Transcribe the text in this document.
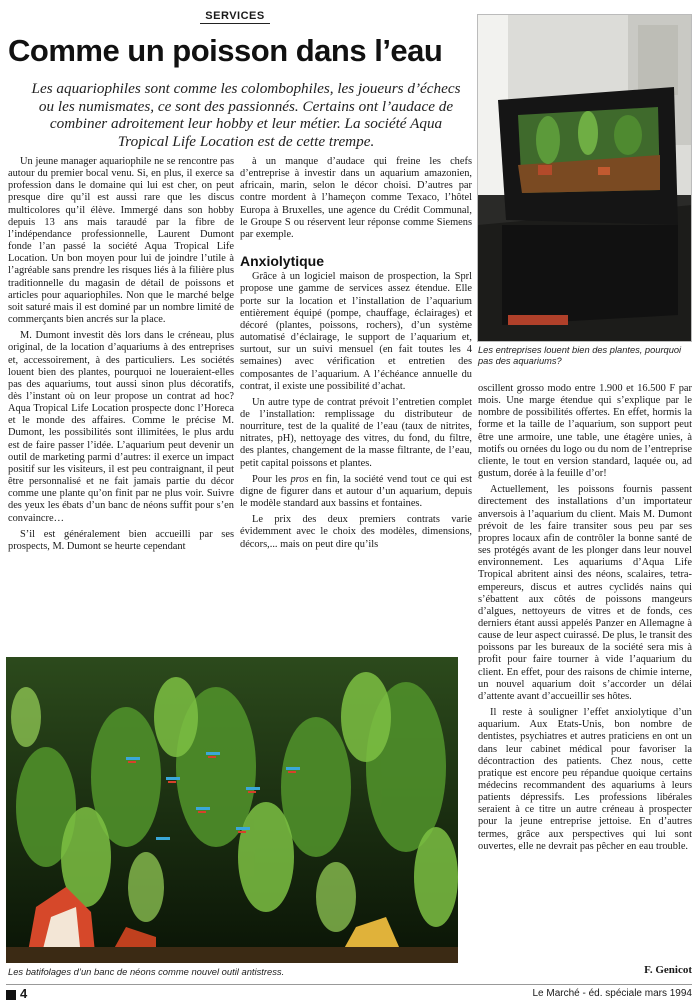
SERVICES
Comme un poisson dans l’eau

Les aquariophiles sont comme les colombophiles, les joueurs d’échecs ou les numismates, ce sont des passionnés. Certains ont l’audace de combiner adroitement leur hobby et leur métier. La société Aqua Tropical Life Location est de cette trempe.

Un jeune manager aquariophile ne se rencontre pas autour du premier bocal venu. Si, en plus, il exerce sa profession dans le domaine qui lui est cher, on peut presque dire qu’il est aussi rare que les discus multicolores qu’il élève. Immergé dans son hobby depuis 13 ans mais taraudé par la fibre de l’indépendance professionnelle, Laurent Dumont fonde l’an passé la société Aqua Tropical Life Location. Un bon moyen pour lui de joindre l’utile à l’agréable sans prendre les risques liés à la filière plus traditionnelle du magasin de détail de poissons et articles pour aquariophiles. Non que le marché belge soit saturé mais il est dominé par un nombre limité de commerçants bien ancrés sur la place.

M. Dumont investit dès lors dans le créneau, plus original, de la location d’aquariums à des entreprises et, accessoirement, à des particuliers. Les sociétés louent bien des plantes, pourquoi ne loueraient-elles pas des aquariums, tout aussi sinon plus décoratifs, dès l’instant où on leur propose un contrat ad hoc? Aqua Tropical Life Location prospecte donc l’Horeca et le monde des affaires. Comme le précise M. Dumont, les possibilités sont illimitées, le plus ardu est de faire passer l’idée. L’aquarium peut devenir un outil de marketing parmi d’autres: il exerce un impact positif sur les visiteurs, il est peu contraignant, il peut être personnalisé et ne fait jamais partie du décor comme une plante qu’on finit par ne plus voir. Suivre des yeux les ébats d’un banc de néons suffit pour s’en convaincre…

S’il est généralement bien accueilli par ses prospects, M. Dumont se heurte cependant

à un manque d’audace qui freine les chefs d’entreprise à investir dans un aquarium amazonien, africain, marin, selon le décor choisi. D’autres par contre mordent à l’hameçon comme Texaco, l’hôtel Europa à Bruxelles, une agence du Crédit Communal, le Groupe S ou réservent leur réponse comme Siemens par exemple.

Anxiolytique

Grâce à un logiciel maison de prospection, la Sprl propose une gamme de services assez étendue. Elle porte sur la location et l’installation de l’aquarium entièrement équipé (pompe, chauffage, éclairages) et décoré (plantes, poissons, rochers), d’un système automatisé d’éclairage, le support de l’aquarium et, surtout, sur un suivi mensuel (en fait toutes les 4 semaines) avec vérification et entretien des composantes de l’aquarium. A l’échéance annuelle du contrat, il existe une possibilité d’achat.

Un autre type de contrat prévoit l’entretien complet de l’installation: remplissage du distributeur de nourriture, test de la qualité de l’eau (taux de nitrites, nitrates, pH), nettoyage des vitres, du fond, du filtre, des plantes, changement de la masse filtrante, de l’eau, petit capital poissons et plantes.

Pour les pros en fin, la société vend tout ce qui est digne de figurer dans et autour d’un aquarium, depuis le modèle standard aux bassins et fontaines.

Le prix des deux premiers contrats varie évidemment avec le choix des modèles, dimensions, décors,... mais on peut dire qu’ils

Les entreprises louent bien des plantes, pourquoi pas des aquariums?

oscillent grosso modo entre 1.900 et 16.500 F par mois. Une marge étendue qui s’explique par le nombre de possibilités offertes. En effet, hormis la forme et la taille de l’aquarium, son support peut être une armoire, une table, une étagère unies, à motifs ou ornées du logo ou du nom de l’entreprise cliente, le tout en version standard, laquée ou, ad gustum, dorée à la feuille d’or!

Actuellement, les poissons fournis passent directement des installations d’un importateur anversois à l’aquarium du client. Mais M. Dumont prévoit de les faire transiter sous peu par ses propres locaux afin de contrôler la bonne santé de ses protégés avant de les plonger dans leur nouvel environnement. Les aquariums d’Aqua Life Tropical abritent ainsi des néons, scalaires, tetra-empereurs, discus et autres cyclidés nains qui s’ébattent aux côtés de poissons mangeurs d’algues, nettoyeurs de vitres et de fonds, ces derniers étant aussi appelés Panzer en Allemagne à cause de leur aspect cuirassé. De plus, le transit des poissons par les bureaux de la société sera mis à profit pour faire tourner à vide l’aquarium du client. En effet, pour des raisons de chimie interne, un nouvel aquarium doit s’accorder un délai d’attente avant d’accueillir ses hôtes.

Il reste à souligner l’effet anxiolytique d’un aquarium. Aux Etats-Unis, bon nombre de dentistes, psychiatres et autres praticiens en ont un dans leur cabinet médical pour favoriser la décontraction des patients. Chez nous, cette pratique est encore peu répandue quoique certains médecins recommandent des aquariums à leurs patients dépressifs. Les professions libérales seraient à ce titre un autre créneau à prospecter pour la jeune entreprise jettoise. En d’autres termes, grâce aux perspectives qui lui sont ouvertes, elle ne devrait pas pêcher en eau trouble.

Les batifolages d’un banc de néons comme nouvel outil antistress.	F. Genicot
4	Le Marché - éd. spéciale mars 1994
